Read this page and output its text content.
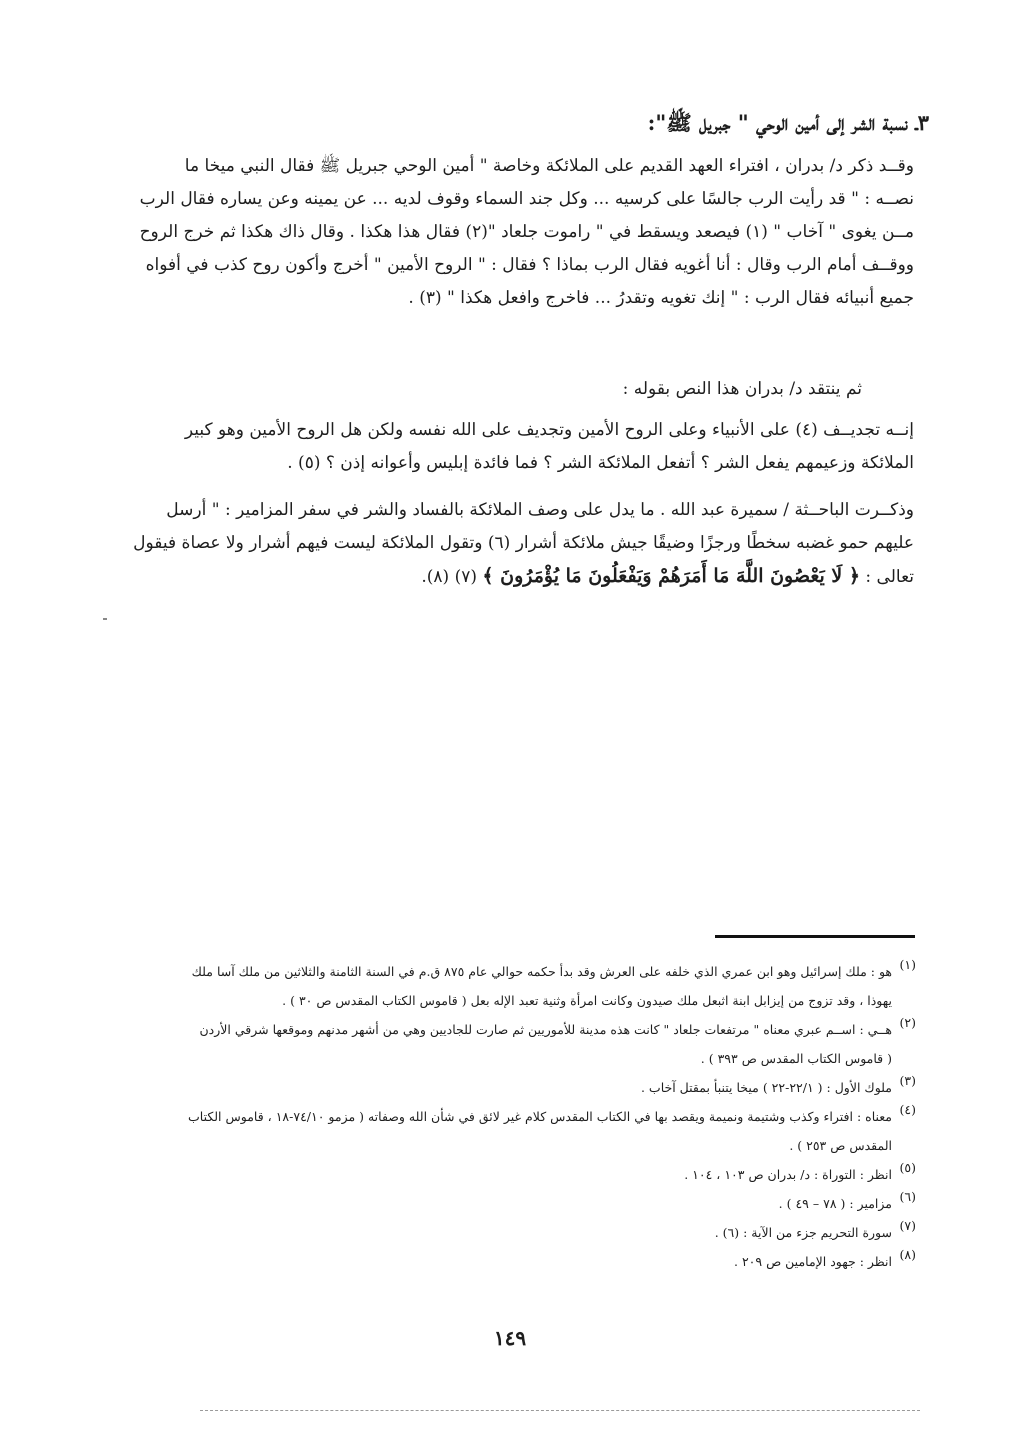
٣ـ نسبة الشر إلى أمين الوحي " جبريل ﷺ":
وقــد ذكر د/ بدران ، افتراء العهد القديم على الملائكة وخاصة " أمين الوحي جبريل ﷺ فقال النبي ميخا ما
نصــه : " قد رأيت الرب جالسًا على كرسيه ... وكل جند السماء وقوف لديه ... عن يمينه وعن يساره فقال الرب
مــن يغوى " آخاب " (١) فيصعد ويسقط في " راموت جلعاد "(٢) فقال هذا هكذا . وقال ذاك هكذا ثم خرج الروح
ووقــف أمام الرب وقال : أنا أغويه فقال الرب بماذا ؟ فقال : " الروح الأمين " أخرج وأكون روح كذب في أفواه
جميع أنبيائه فقال الرب : " إنك تغويه وتقدرُ ... فاخرج وافعل هكذا " (٣) .
ثم ينتقد د/ بدران هذا النص بقوله :
إنــه تجديــف (٤) على الأنبياء وعلى الروح الأمين وتجديف على الله نفسه ولكن هل الروح الأمين وهو كبير
الملائكة وزعيمهم يفعل الشر ؟ أتفعل الملائكة الشر ؟ فما فائدة إبليس وأعوانه إذن ؟ (٥) .
وذكــرت الباحــثة / سميرة عبد الله . ما يدل على وصف الملائكة بالفساد والشر في سفر المزامير : " أرسل
عليهم حمو غضبه سخطًا ورجزًا وضيقًا جيش ملائكة أشرار (٦) وتقول الملائكة ليست فيهم أشرار ولا عصاة فيقول
تعالى : ﴿ لَا يَعْصُونَ اللَّهَ مَا أَمَرَهُمْ وَيَفْعَلُونَ مَا يُؤْمَرُونَ ﴾ (٧) (٨).
(١)
هو : ملك إسرائيل وهو ابن عمري الذي خلفه على العرش وقد بدأ حكمه حوالي عام ٨٧٥ ق.م في السنة الثامنة والثلاثين من ملك آسا ملك
يهوذا ، وقد تزوج من إيزابل ابنة اثبعل ملك صيدون وكانت امرأة وثنية تعبد الإله بعل ( قاموس الكتاب المقدس ص ٣٠ ) .
(٢)
هــي : اســم عبري معناه " مرتفعات جلعاد " كانت هذه مدينة للأموريين ثم صارت للجاديين وهي من أشهر مدنهم وموقعها شرقي الأردن
( قاموس الكتاب المقدس ص ٣٩٣ ) .
(٣)
ملوك الأول : ( ٢٢/١-٢٢ ) ميخا يتنبأ بمقتل آخاب .
(٤)
معناه : افتراء وكذب وشتيمة ونميمة ويقصد بها في الكتاب المقدس كلام غير لائق في شأن الله وصفاته ( مزمو ٧٤/١٠-١٨ ، قاموس الكتاب
المقدس ص ٢٥٣ ) .
(٥)
انظر : التوراة : د/ بدران ص ١٠٣ ، ١٠٤ .
(٦)
مزامير : ( ٧٨ – ٤٩ ) .
(٧)
سورة التحريم جزء من الآية : (٦) .
(٨)
انظر : جهود الإمامين ص ٢٠٩ .
١٤٩
